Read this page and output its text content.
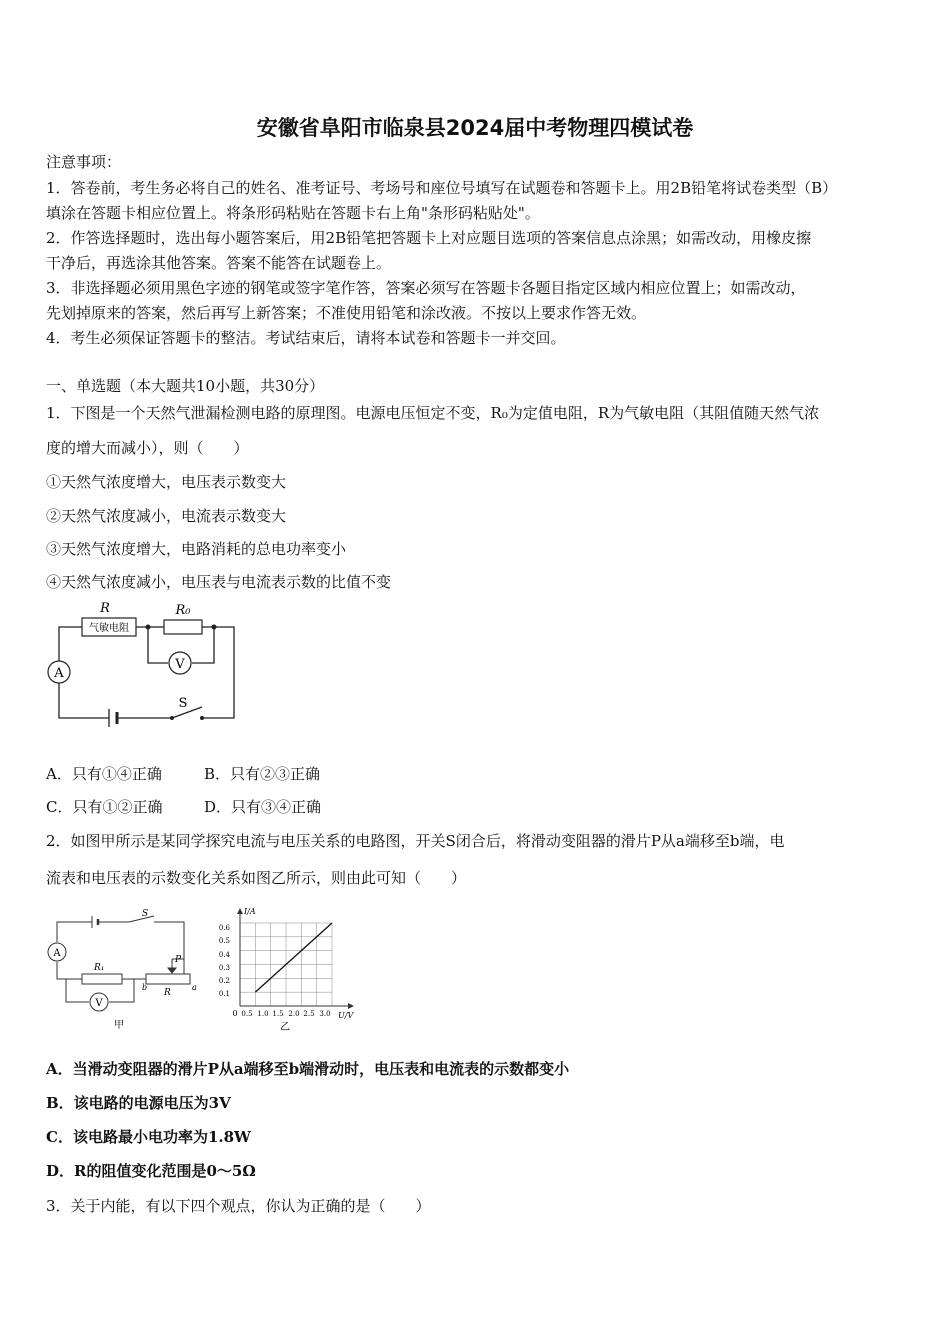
安徽省阜阳市临泉县2024届中考物理四模试卷
注意事项：
1．答卷前，考生务必将自己的姓名、准考证号、考场号和座位号填写在试题卷和答题卡上。用2B铅笔将试卷类型（B）
填涂在答题卡相应位置上。将条形码粘贴在答题卡右上角"条形码粘贴处"。
2．作答选择题时，选出每小题答案后，用2B铅笔把答题卡上对应题目选项的答案信息点涂黑；如需改动，用橡皮擦
干净后，再选涂其他答案。答案不能答在试题卷上。
3．非选择题必须用黑色字迹的钢笔或签字笔作答，答案必须写在答题卡各题目指定区域内相应位置上；如需改动，
先划掉原来的答案，然后再写上新答案；不准使用铅笔和涂改液。不按以上要求作答无效。
4．考生必须保证答题卡的整洁。考试结束后，请将本试卷和答题卡一并交回。
一、单选题（本大题共10小题，共30分）
1．下图是一个天然气泄漏检测电路的原理图。电源电压恒定不变，R₀为定值电阻，R为气敏电阻（其阻值随天然气浓
度的增大而减小），则（　　）
①天然气浓度增大，电压表示数变大
②天然气浓度减小，电流表示数变大
③天然气浓度增大，电路消耗的总电功率变小
④天然气浓度减小，电压表与电流表示数的比值不变
气敏电阻
R	R₀
V
A
S
A．只有①④正确	B．只有②③正确
C．只有①②正确	D．只有③④正确
2．如图甲所示是某同学探究电流与电压关系的电路图，开关S闭合后，将滑动变阻器的滑片P从a端移至b端，电
流表和电压表的示数变化关系如图乙所示，则由此可知（　　）
A
V
S
R₁
P
R
b	a
甲
I/A
U/V
0
0.6
0.5
0.4
0.3
0.2
0.1
0.5 1.0 1.5 2.0 2.5 3.0
乙
A．当滑动变阻器的滑片P从a端移至b端滑动时，电压表和电流表的示数都变小
B．该电路的电源电压为3V
C．该电路最小电功率为1.8W
D．R的阻值变化范围是0～5Ω
3．关于内能，有以下四个观点，你认为正确的是（　　）
